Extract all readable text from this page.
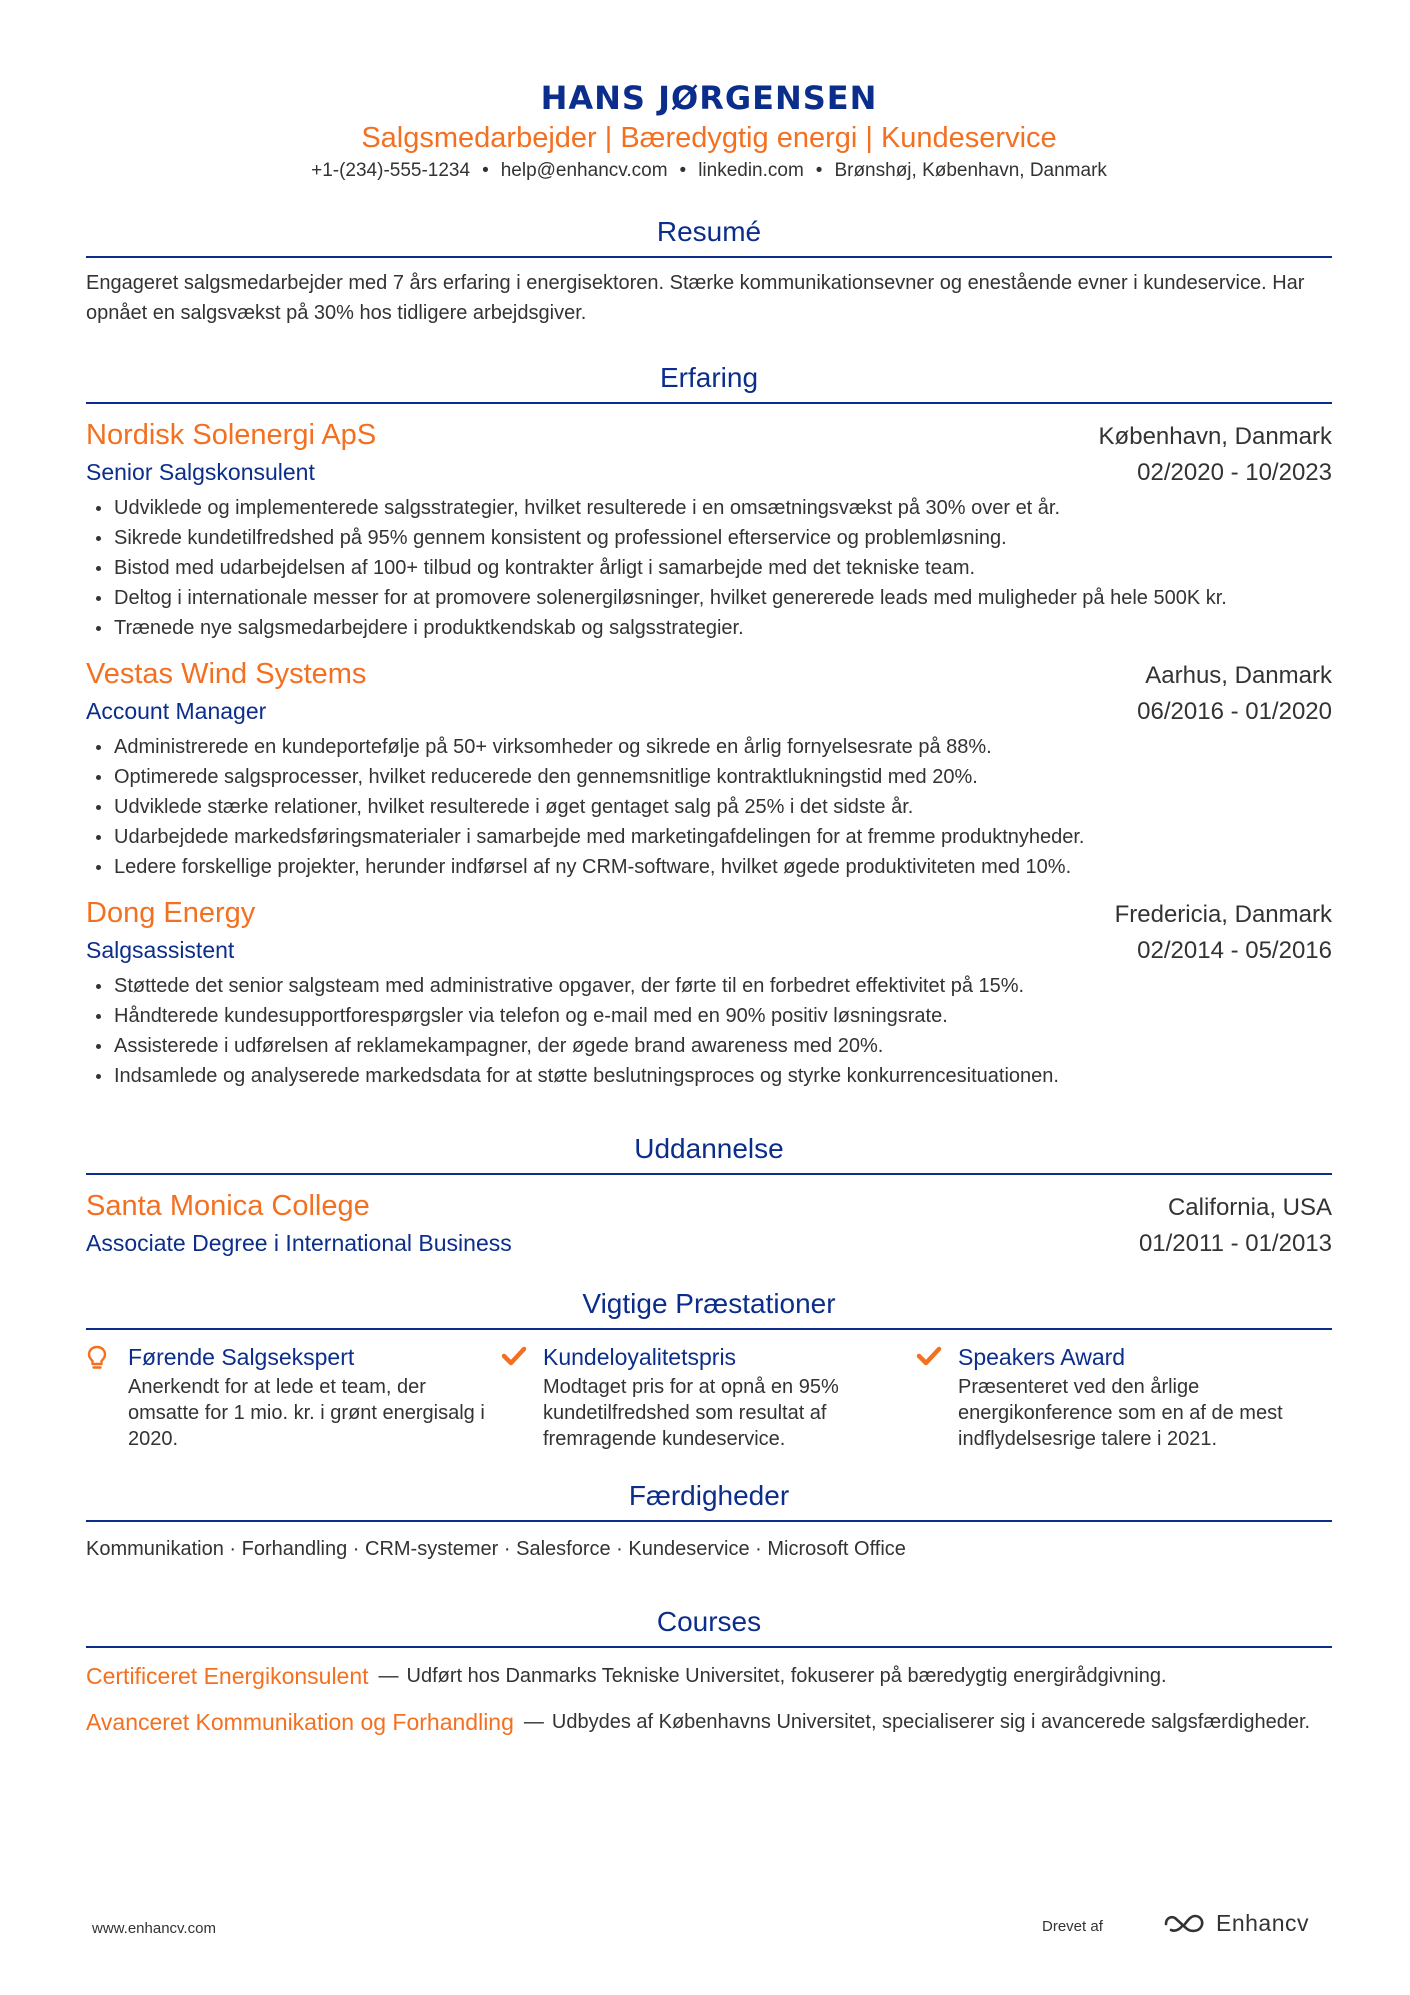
HANS JØRGENSEN
Salgsmedarbejder | Bæredygtig energi | Kundeservice
+1-(234)-555-1234 • help@enhancv.com • linkedin.com • Brønshøj, København, Danmark
Resumé
Engageret salgsmedarbejder med 7 års erfaring i energisektoren. Stærke kommunikationsevner og enestående evner i kundeservice. Har opnået en salgsvækst på 30% hos tidligere arbejdsgiver.
Erfaring
Nordisk Solenergi ApS	København, Danmark
Senior Salgskonsulent	02/2020 - 10/2023
Udviklede og implementerede salgsstrategier, hvilket resulterede i en omsætningsvækst på 30% over et år.
Sikrede kundetilfredshed på 95% gennem konsistent og professionel efterservice og problemløsning.
Bistod med udarbejdelsen af 100+ tilbud og kontrakter årligt i samarbejde med det tekniske team.
Deltog i internationale messer for at promovere solenergiløsninger, hvilket genererede leads med muligheder på hele 500K kr.
Trænede nye salgsmedarbejdere i produktkendskab og salgsstrategier.
Vestas Wind Systems	Aarhus, Danmark
Account Manager	06/2016 - 01/2020
Administrerede en kundeportefølje på 50+ virksomheder og sikrede en årlig fornyelsesrate på 88%.
Optimerede salgsprocesser, hvilket reducerede den gennemsnitlige kontraktlukningstid med 20%.
Udviklede stærke relationer, hvilket resulterede i øget gentaget salg på 25% i det sidste år.
Udarbejdede markedsføringsmaterialer i samarbejde med marketingafdelingen for at fremme produktnyheder.
Ledere forskellige projekter, herunder indførsel af ny CRM-software, hvilket øgede produktiviteten med 10%.
Dong Energy	Fredericia, Danmark
Salgsassistent	02/2014 - 05/2016
Støttede det senior salgsteam med administrative opgaver, der førte til en forbedret effektivitet på 15%.
Håndterede kundesupportforespørgsler via telefon og e-mail med en 90% positiv løsningsrate.
Assisterede i udførelsen af reklamekampagner, der øgede brand awareness med 20%.
Indsamlede og analyserede markedsdata for at støtte beslutningsproces og styrke konkurrencesituationen.
Uddannelse
Santa Monica College	California, USA
Associate Degree i International Business	01/2011 - 01/2013
Vigtige Præstationer
Førende Salgsekspert
Anerkendt for at lede et team, der omsatte for 1 mio. kr. i grønt energisalg i 2020.
Kundeloyalitetspris
Modtaget pris for at opnå en 95% kundetilfredshed som resultat af fremragende kundeservice.
Speakers Award
Præsenteret ved den årlige energikonference som en af de mest indflydelsesrige talere i 2021.
Færdigheder
Kommunikation · Forhandling · CRM-systemer · Salesforce · Kundeservice · Microsoft Office
Courses
Certificeret Energikonsulent — Udført hos Danmarks Tekniske Universitet, fokuserer på bæredygtig energirådgivning.
Avanceret Kommunikation og Forhandling — Udbydes af Københavns Universitet, specialiserer sig i avancerede salgsfærdigheder.
www.enhancv.com	Drevet af	Enhancv
